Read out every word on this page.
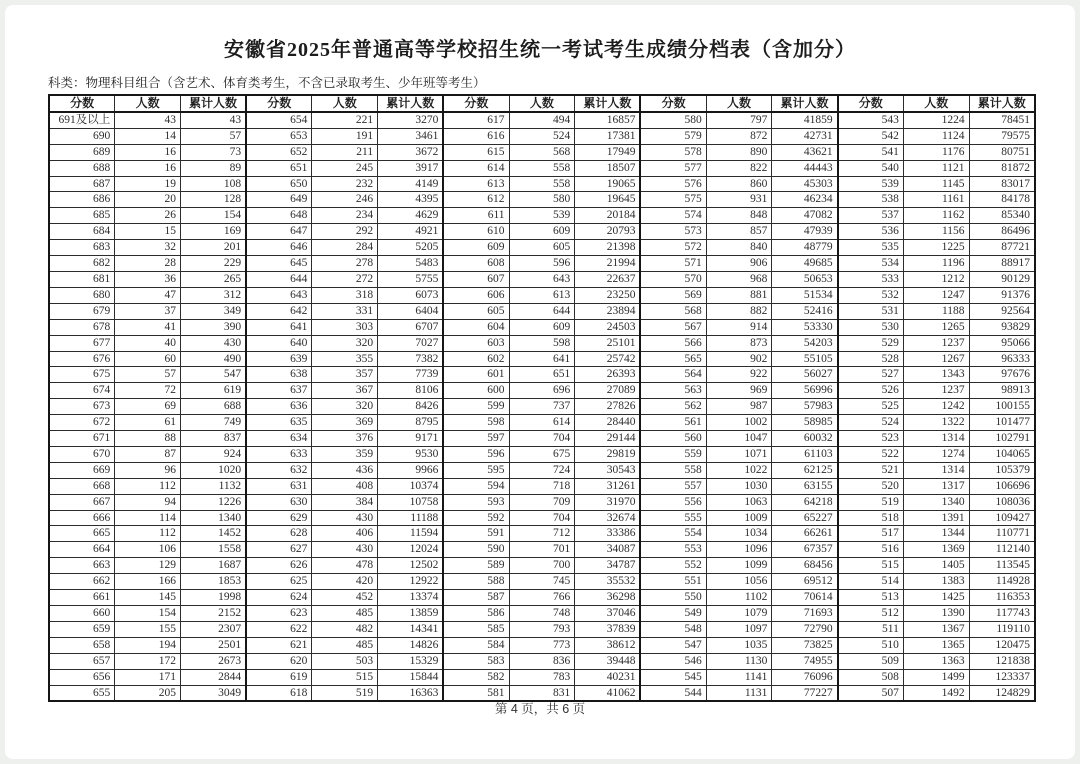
安徽省2025年普通高等学校招生统一考试考生成绩分档表（含加分）
科类：物理科目组合（含艺术、体育类考生，不含已录取考生、少年班等考生）
分数	人数	累计人数	分数	人数	累计人数	分数	人数	累计人数	分数	人数	累计人数	分数	人数	累计人数
691及以上	43	43	654	221	3270	617	494	16857	580	797	41859	543	1224	78451
690	14	57	653	191	3461	616	524	17381	579	872	42731	542	1124	79575
689	16	73	652	211	3672	615	568	17949	578	890	43621	541	1176	80751
688	16	89	651	245	3917	614	558	18507	577	822	44443	540	1121	81872
687	19	108	650	232	4149	613	558	19065	576	860	45303	539	1145	83017
686	20	128	649	246	4395	612	580	19645	575	931	46234	538	1161	84178
685	26	154	648	234	4629	611	539	20184	574	848	47082	537	1162	85340
684	15	169	647	292	4921	610	609	20793	573	857	47939	536	1156	86496
683	32	201	646	284	5205	609	605	21398	572	840	48779	535	1225	87721
682	28	229	645	278	5483	608	596	21994	571	906	49685	534	1196	88917
681	36	265	644	272	5755	607	643	22637	570	968	50653	533	1212	90129
680	47	312	643	318	6073	606	613	23250	569	881	51534	532	1247	91376
679	37	349	642	331	6404	605	644	23894	568	882	52416	531	1188	92564
678	41	390	641	303	6707	604	609	24503	567	914	53330	530	1265	93829
677	40	430	640	320	7027	603	598	25101	566	873	54203	529	1237	95066
676	60	490	639	355	7382	602	641	25742	565	902	55105	528	1267	96333
675	57	547	638	357	7739	601	651	26393	564	922	56027	527	1343	97676
674	72	619	637	367	8106	600	696	27089	563	969	56996	526	1237	98913
673	69	688	636	320	8426	599	737	27826	562	987	57983	525	1242	100155
672	61	749	635	369	8795	598	614	28440	561	1002	58985	524	1322	101477
671	88	837	634	376	9171	597	704	29144	560	1047	60032	523	1314	102791
670	87	924	633	359	9530	596	675	29819	559	1071	61103	522	1274	104065
669	96	1020	632	436	9966	595	724	30543	558	1022	62125	521	1314	105379
668	112	1132	631	408	10374	594	718	31261	557	1030	63155	520	1317	106696
667	94	1226	630	384	10758	593	709	31970	556	1063	64218	519	1340	108036
666	114	1340	629	430	11188	592	704	32674	555	1009	65227	518	1391	109427
665	112	1452	628	406	11594	591	712	33386	554	1034	66261	517	1344	110771
664	106	1558	627	430	12024	590	701	34087	553	1096	67357	516	1369	112140
663	129	1687	626	478	12502	589	700	34787	552	1099	68456	515	1405	113545
662	166	1853	625	420	12922	588	745	35532	551	1056	69512	514	1383	114928
661	145	1998	624	452	13374	587	766	36298	550	1102	70614	513	1425	116353
660	154	2152	623	485	13859	586	748	37046	549	1079	71693	512	1390	117743
659	155	2307	622	482	14341	585	793	37839	548	1097	72790	511	1367	119110
658	194	2501	621	485	14826	584	773	38612	547	1035	73825	510	1365	120475
657	172	2673	620	503	15329	583	836	39448	546	1130	74955	509	1363	121838
656	171	2844	619	515	15844	582	783	40231	545	1141	76096	508	1499	123337
655	205	3049	618	519	16363	581	831	41062	544	1131	77227	507	1492	124829
第 4 页，共 6 页
